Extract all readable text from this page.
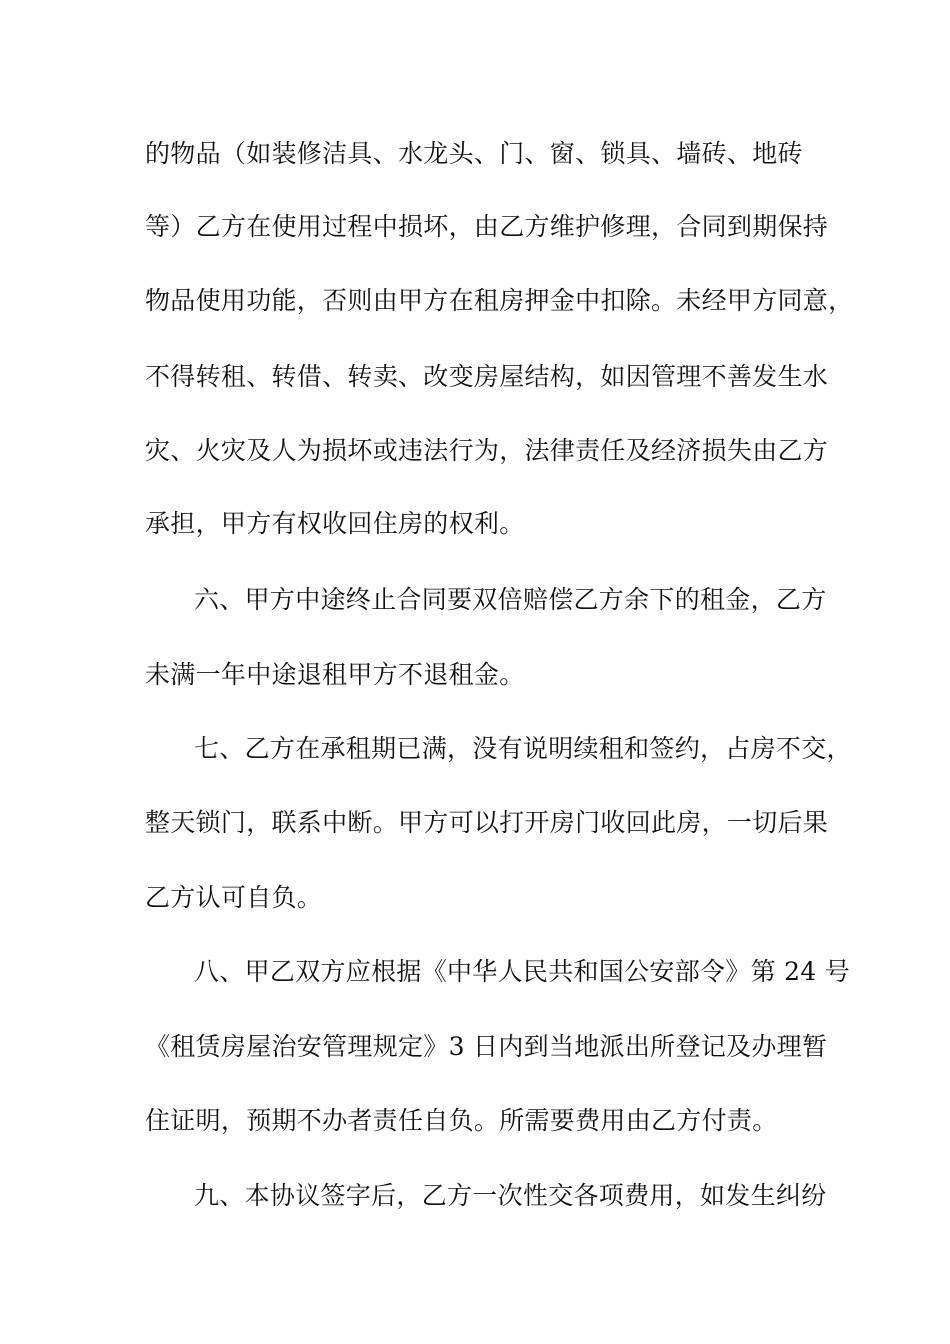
的物品（如装修洁具、水龙头、门、窗、锁具、墙砖、地砖
等）乙方在使用过程中损坏，由乙方维护修理，合同到期保持
物品使用功能，否则由甲方在租房押金中扣除。未经甲方同意，
不得转租、转借、转卖、改变房屋结构，如因管理不善发生水
灾、火灾及人为损坏或违法行为，法律责任及经济损失由乙方
承担，甲方有权收回住房的权利。
六、甲方中途终止合同要双倍赔偿乙方余下的租金，乙方
未满一年中途退租甲方不退租金。
七、乙方在承租期已满，没有说明续租和签约，占房不交，
整天锁门，联系中断。甲方可以打开房门收回此房，一切后果
乙方认可自负。
八、甲乙双方应根据《中华人民共和国公安部令》第 24 号
《租赁房屋治安管理规定》3 日内到当地派出所登记及办理暂
住证明，预期不办者责任自负。所需要费用由乙方付责。
九、本协议签字后，乙方一次性交各项费用，如发生纠纷
